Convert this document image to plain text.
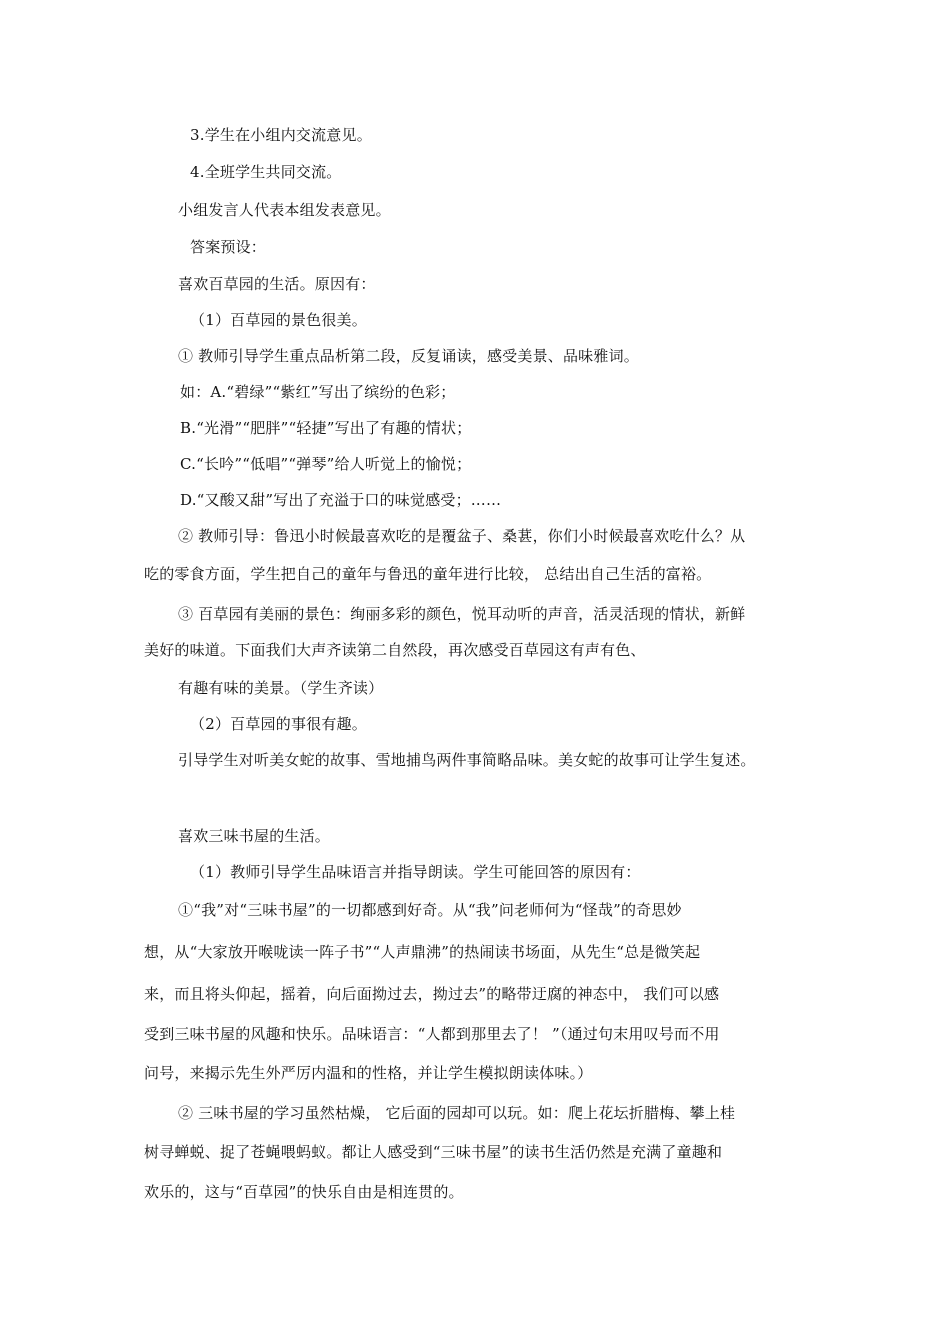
3.学生在小组内交流意见。
4.全班学生共同交流。
小组发言人代表本组发表意见。
答案预设：
喜欢百草园的生活。原因有：
（1）百草园的景色很美。
① 教师引导学生重点品析第二段，反复诵读，感受美景、品味雅词。
如：A.“碧绿”“紫红”写出了缤纷的色彩；
B.“光滑”“肥胖”“轻捷”写出了有趣的情状；
C.“长吟”“低唱”“弹琴”给人听觉上的愉悦；
D.“又酸又甜”写出了充溢于口的味觉感受；……
② 教师引导：鲁迅小时候最喜欢吃的是覆盆子、桑葚，你们小时候最喜欢吃什么？从
吃的零食方面，学生把自己的童年与鲁迅的童年进行比较， 总结出自己生活的富裕。
③ 百草园有美丽的景色：绚丽多彩的颜色，悦耳动听的声音，活灵活现的情状，新鲜
美好的味道。下面我们大声齐读第二自然段，再次感受百草园这有声有色、
有趣有味的美景。（学生齐读）
（2）百草园的事很有趣。
引导学生对听美女蛇的故事、雪地捕鸟两件事简略品味。美女蛇的故事可让学生复述。
喜欢三味书屋的生活。
（1）教师引导学生品味语言并指导朗读。学生可能回答的原因有：
①“我”对“三味书屋”的一切都感到好奇。从“我”问老师何为“怪哉”的奇思妙
想，从“大家放开喉咙读一阵子书”“人声鼎沸”的热闹读书场面，从先生“总是微笑起
来，而且将头仰起，摇着，向后面拗过去，拗过去”的略带迂腐的神态中， 我们可以感
受到三味书屋的风趣和快乐。品味语言：“人都到那里去了！ ”（通过句末用叹号而不用
问号，来揭示先生外严厉内温和的性格，并让学生模拟朗读体味。）
② 三味书屋的学习虽然枯燥， 它后面的园却可以玩。如：爬上花坛折腊梅、攀上桂
树寻蝉蜕、捉了苍蝇喂蚂蚁。都让人感受到“三味书屋”的读书生活仍然是充满了童趣和
欢乐的，这与“百草园”的快乐自由是相连贯的。
